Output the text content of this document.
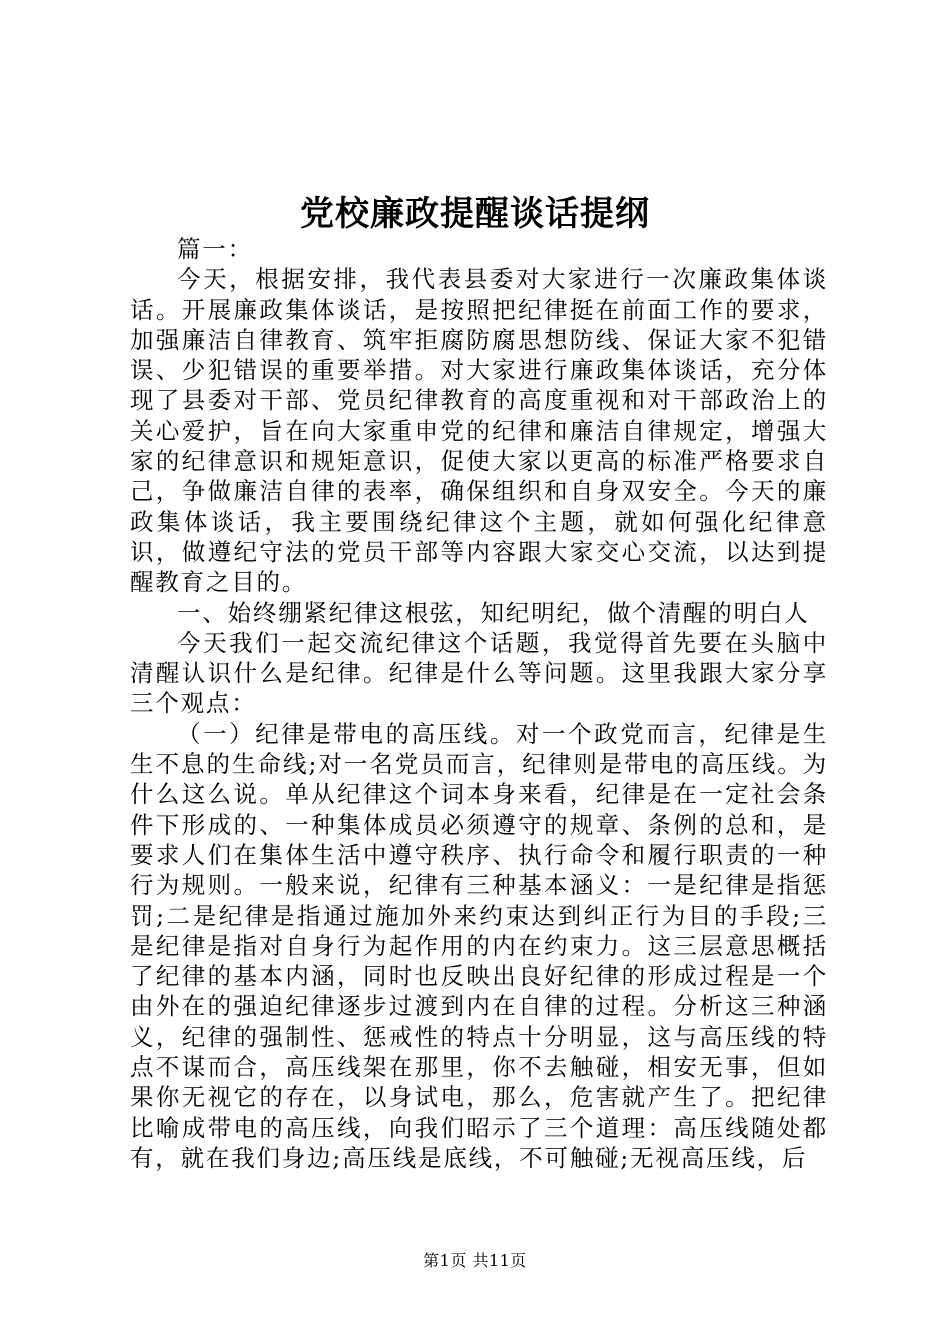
党校廉政提醒谈话提纲

篇一：

今天，根据安排，我代表县委对大家进行一次廉政集体谈话。开展廉政集体谈话，是按照把纪律挺在前面工作的要求，加强廉洁自律教育、筑牢拒腐防腐思想防线、保证大家不犯错误、少犯错误的重要举措。对大家进行廉政集体谈话，充分体现了县委对干部、党员纪律教育的高度重视和对干部政治上的关心爱护，旨在向大家重申党的纪律和廉洁自律规定，增强大家的纪律意识和规矩意识，促使大家以更高的标准严格要求自己，争做廉洁自律的表率，确保组织和自身双安全。今天的廉政集体谈话，我主要围绕纪律这个主题，就如何强化纪律意识，做遵纪守法的党员干部等内容跟大家交心交流，以达到提醒教育之目的。

一、始终绷紧纪律这根弦，知纪明纪，做个清醒的明白人

今天我们一起交流纪律这个话题，我觉得首先要在头脑中清醒认识什么是纪律。纪律是什么等问题。这里我跟大家分享三个观点：

（一）纪律是带电的高压线。对一个政党而言，纪律是生生不息的生命线;对一名党员而言，纪律则是带电的高压线。为什么这么说。单从纪律这个词本身来看，纪律是在一定社会条件下形成的、一种集体成员必须遵守的规章、条例的总和，是要求人们在集体生活中遵守秩序、执行命令和履行职责的一种行为规则。一般来说，纪律有三种基本涵义：一是纪律是指惩罚;二是纪律是指通过施加外来约束达到纠正行为目的手段;三是纪律是指对自身行为起作用的内在约束力。这三层意思概括了纪律的基本内涵，同时也反映出良好纪律的形成过程是一个由外在的强迫纪律逐步过渡到内在自律的过程。分析这三种涵义，纪律的强制性、惩戒性的特点十分明显，这与高压线的特点不谋而合，高压线架在那里，你不去触碰，相安无事，但如果你无视它的存在，以身试电，那么，危害就产生了。把纪律比喻成带电的高压线，向我们昭示了三个道理：高压线随处都有，就在我们身边;高压线是底线，不可触碰;无视高压线，后

第1页 共11页
